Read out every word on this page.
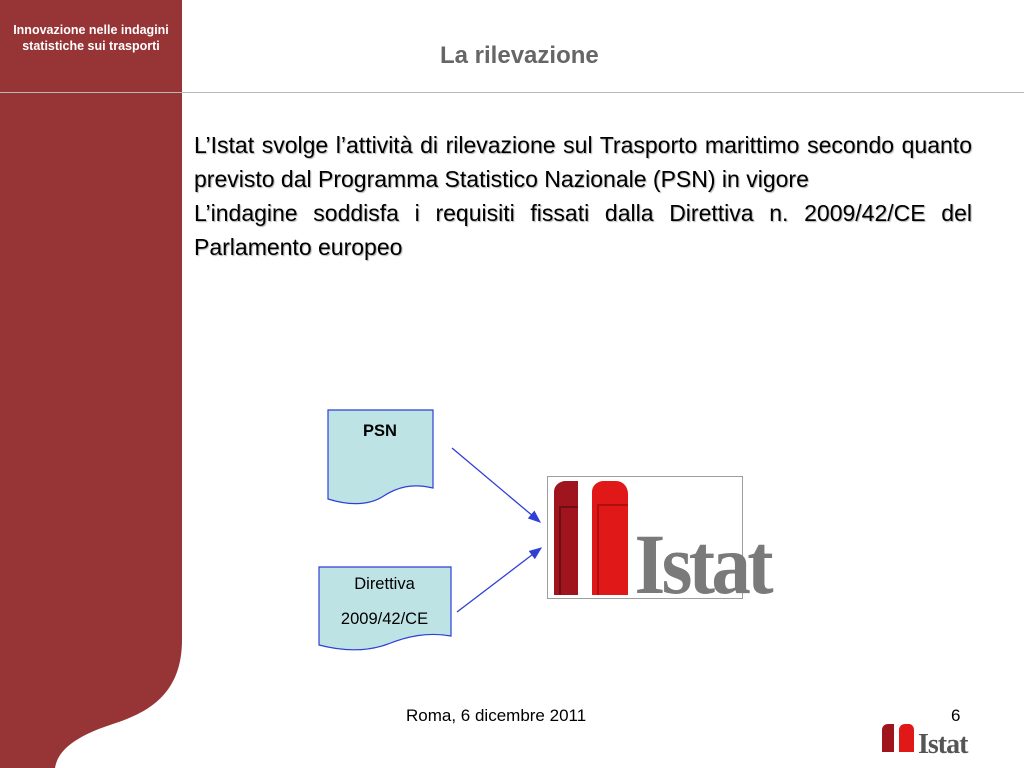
Innovazione nelle indagini statistiche sui trasporti	La rilevazione

L’Istat svolge l’attività di rilevazione sul Trasporto marittimo secondo quanto previsto dal Programma Statistico Nazionale (PSN) in vigore

L’indagine soddisfa i requisiti fissati dalla Direttiva n. 2009/42/CE del Parlamento europeo

PSN
Direttiva
2009/42/CE
Istat
Roma, 6 dicembre 2011	6
Istat
